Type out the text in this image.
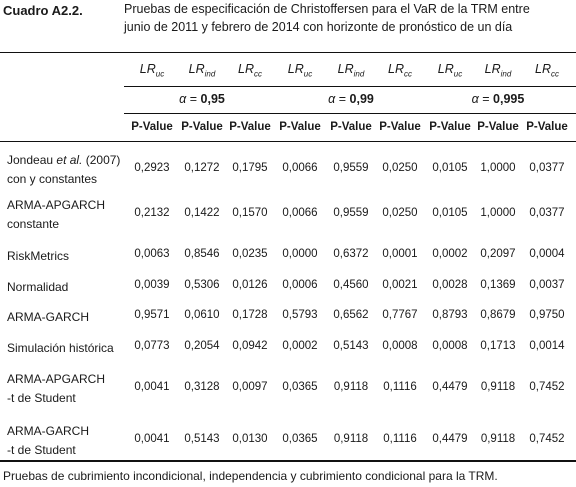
Cuadro A2.2.	Pruebas de especificación de Christoffersen para el VaR de la TRM entre
junio de 2011 y febrero de 2014 con horizonte de pronóstico de un día
$LR_{uc}$	$LR_{ind}$	$LR_{cc}$	$LR_{uc}$	$LR_{ind}$	$LR_{cc}$	$LR_{uc}$	$LR_{ind}$	$LR_{cc}$
α = 0,95	α = 0,99	α = 0,995
P-Value P-Value P-Value P-Value P-Value P-Value P-Value P-Value P-Value
Jondeau et al. (2007)
con y constantes
0,2923	0,1272	0,1795	0,0066	0,9559	0,0250	0,0105	1,0000	0,0377
ARMA-APGARCH
constante
0,2132	0,1422	0,1570	0,0066	0,9559	0,0250	0,0105	1,0000	0,0377
RiskMetrics	0,0063	0,8546	0,0235	0,0000	0,6372	0,0001	0,0002	0,2097	0,0004
Normalidad	0,0039	0,5306	0,0126	0,0006	0,4560	0,0021	0,0028	0,1369	0,0037
ARMA-GARCH	0,9571	0,0610	0,1728	0,5793	0,6562	0,7767	0,8793	0,8679	0,9750
Simulación histórica	0,0773	0,2054	0,0942	0,0002	0,5143	0,0008	0,0008	0,1713	0,0014
ARMA-APGARCH
-t de Student
0,0041	0,3128	0,0097	0,0365	0,9118	0,1116	0,4479	0,9118	0,7452
ARMA-GARCH
-t de Student
0,0041	0,5143	0,0130	0,0365	0,9118	0,1116	0,4479	0,9118	0,7452
Pruebas de cubrimiento incondicional, independencia y cubrimiento condicional para la TRM.
